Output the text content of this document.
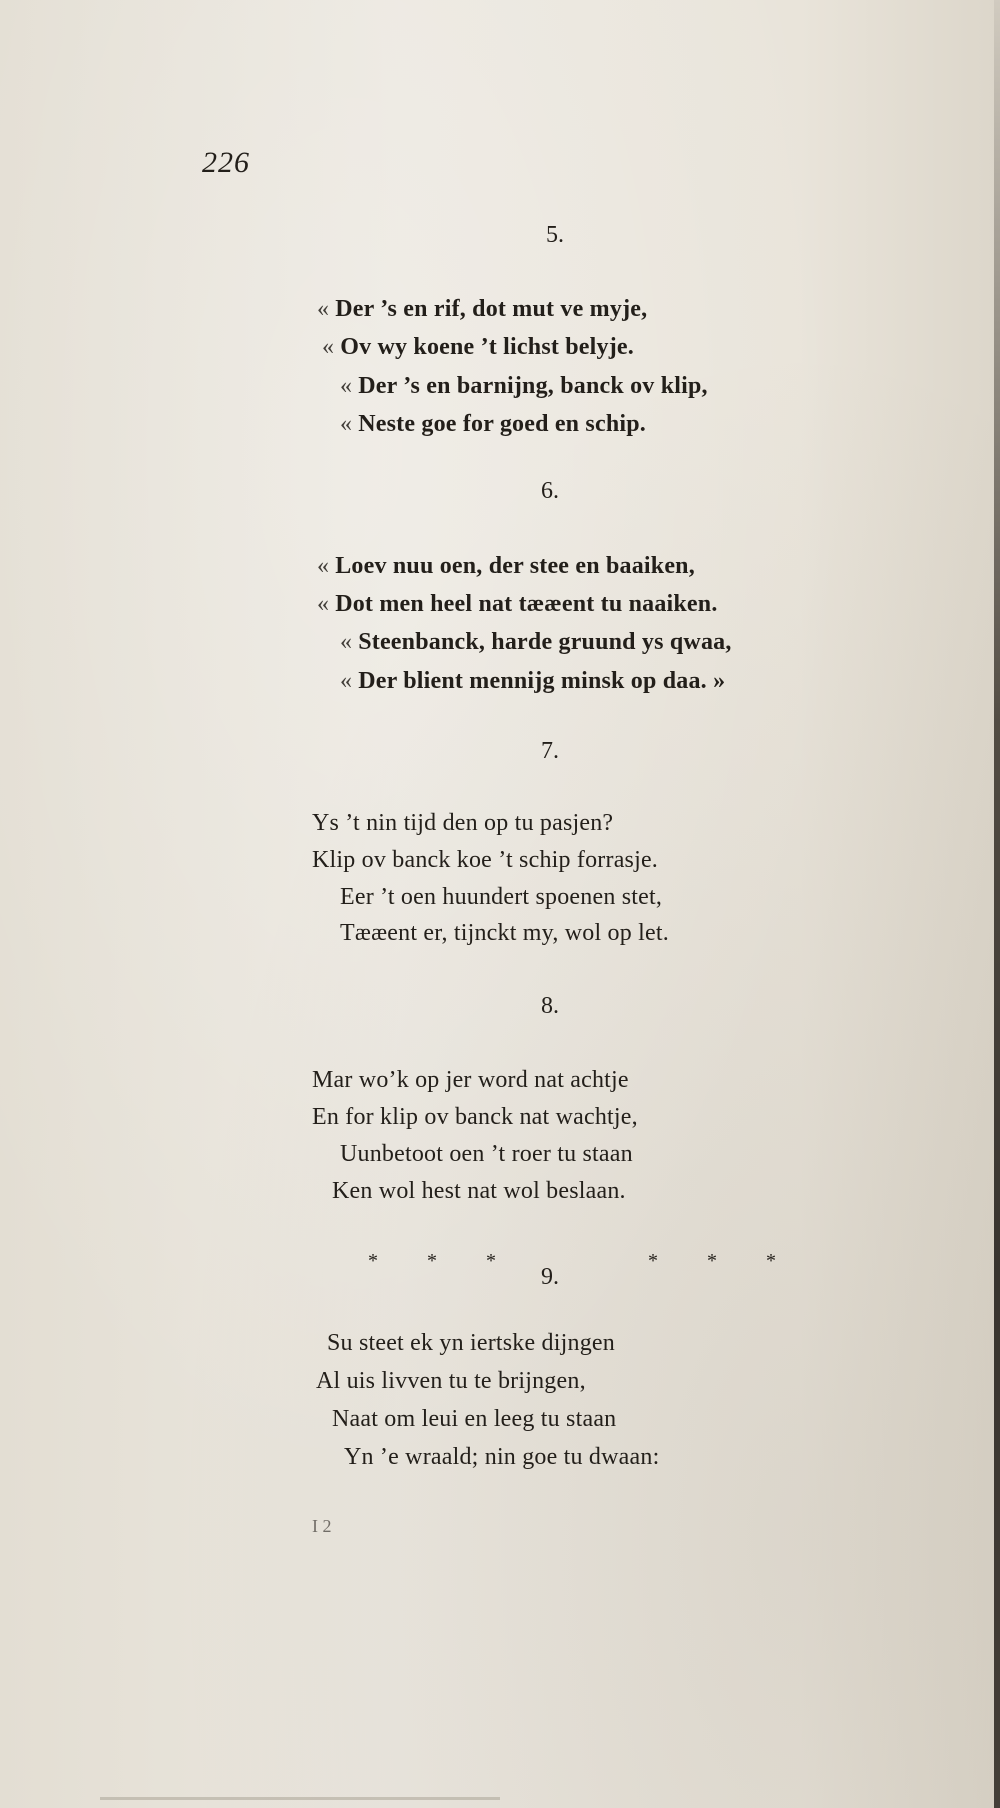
226
5.
« Der ’s en rif, dot mut ve myje,
« Ov wy koene ’t lichst belyje.
« Der ’s en barnijng, banck ov klip,
« Neste goe for goed en schip.
6.
« Loev nuu oen, der stee en baaiken,
« Dot men heel nat tææent tu naaiken.
« Steenbanck, harde gruund ys qwaa,
« Der blient mennijg minsk op daa. »
7.
Ys ’t nin tijd den op tu pasjen?
Klip ov banck koe ’t schip forrasje.
Eer ’t oen huundert spoenen stet,
Tææent er, tijnckt my, wol op let.
8.
Mar wo’k op jer word nat achtje
En for klip ov banck nat wachtje,
Uunbetoot oen ’t roer tu staan
Ken wol hest nat wol beslaan.
* * *
9.
* * *
Su steet ek yn iertske dijngen
Al uis livven tu te brijngen,
Naat om leui en leeg tu staan
Yn ’e wraald; nin goe tu dwaan:
I 2
